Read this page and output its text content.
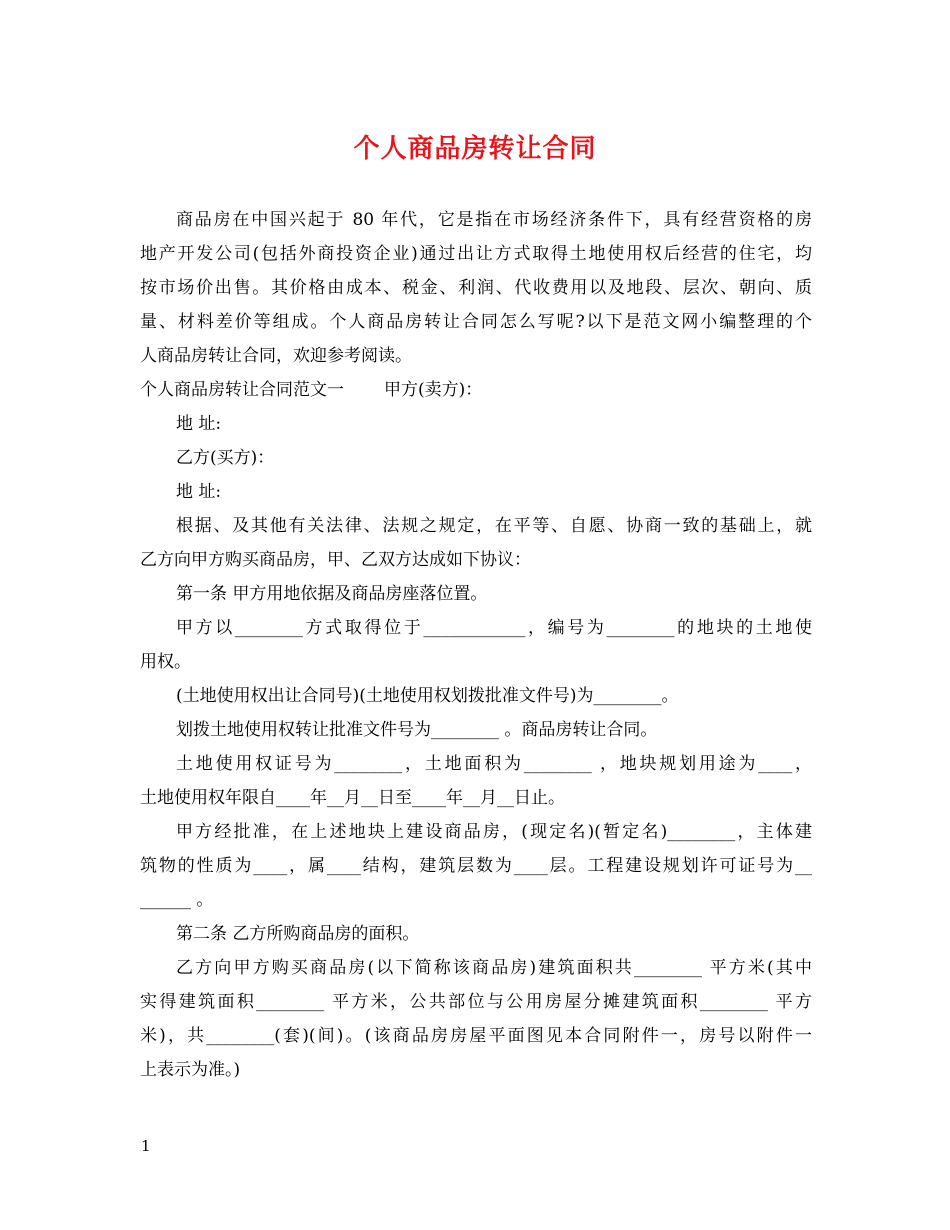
个人商品房转让合同

商品房在中国兴起于 80 年代，它是指在市场经济条件下，具有经营资格的房

地产开发公司(包括外商投资企业)通过出让方式取得土地使用权后经营的住宅，均

按市场价出售。其价格由成本、税金、利润、代收费用以及地段、层次、朝向、质

量、材料差价等组成。个人商品房转让合同怎么写呢?以下是范文网小编整理的个

人商品房转让合同，欢迎参考阅读。

个人商品房转让合同范文一 甲方(卖方)：

地 址:

乙方(买方)：

地 址:

根据、及其他有关法律、法规之规定，在平等、自愿、协商一致的基础上，就

乙方向甲方购买商品房，甲、乙双方达成如下协议：

第一条 甲方用地依据及商品房座落位置。

甲方以________方式取得位于____________，编号为________的地块的土地使

用权。

(土地使用权出让合同号)(土地使用权划拨批准文件号)为________。

划拨土地使用权转让批准文件号为________ 。商品房转让合同。

土地使用权证号为________，土地面积为________ ，地块规划用途为____，

土地使用权年限自____年__月__日至____年__月__日止。

甲方经批准，在上述地块上建设商品房，(现定名)(暂定名)________，主体建

筑物的性质为____，属____结构，建筑层数为____层。工程建设规划许可证号为__

______ 。

第二条 乙方所购商品房的面积。

乙方向甲方购买商品房(以下简称该商品房)建筑面积共________ 平方米(其中

实得建筑面积________ 平方米，公共部位与公用房屋分摊建筑面积________ 平方

米)，共________(套)(间)。(该商品房房屋平面图见本合同附件一，房号以附件一

上表示为准。)

1
